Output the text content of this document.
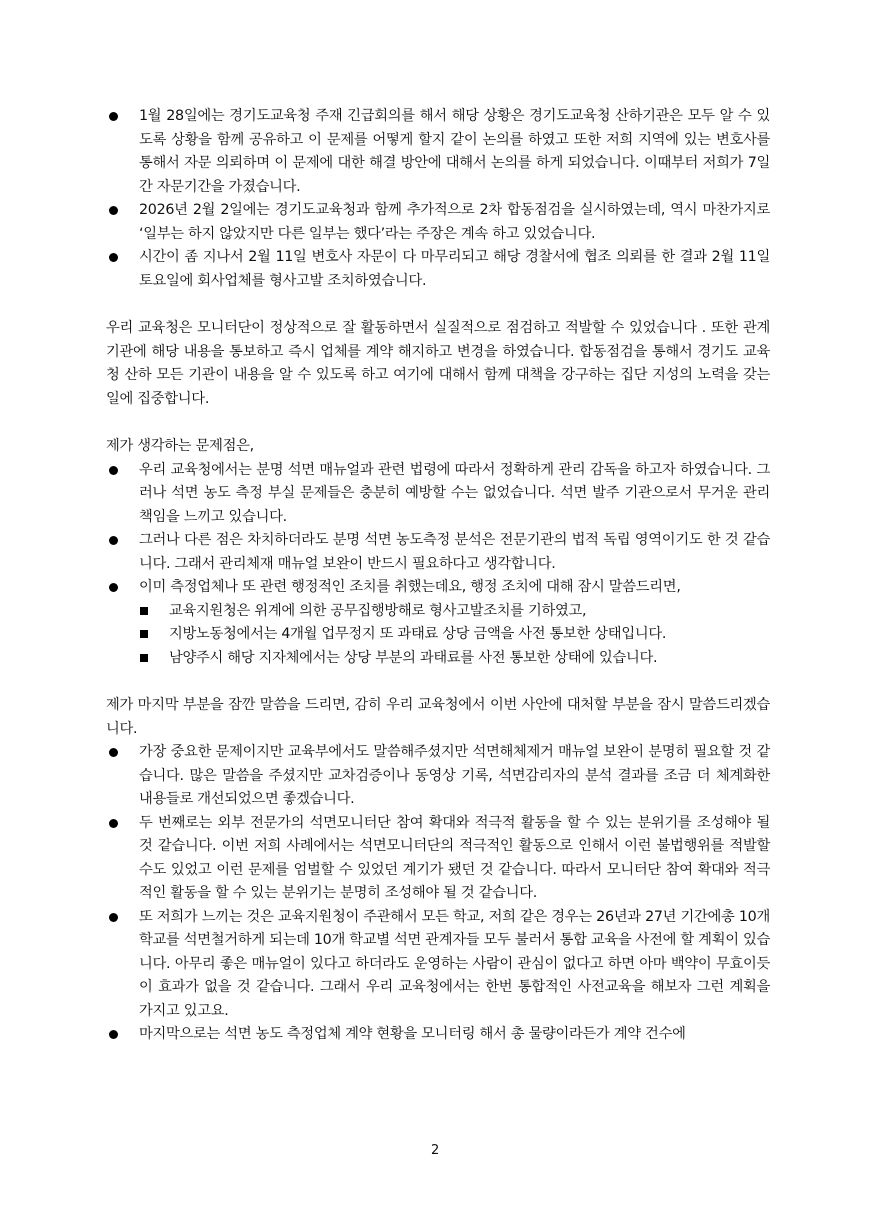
1월 28일에는 경기도교육청 주재 긴급회의를 해서 해당 상황은 경기도교육청 산하기관은 모두 알 수 있도록 상황을 함께 공유하고 이 문제를 어떻게 할지 같이 논의를 하였고 또한 저희 지역에 있는 변호사를 통해서 자문 의뢰하며 이 문제에 대한 해결 방안에 대해서 논의를 하게 되었습니다. 이때부터 저희가 7일간 자문기간을 가졌습니다.
2026년 2월 2일에는 경기도교육청과 함께 추가적으로 2차 합동점검을 실시하였는데, 역시 마찬가지로 ‘일부는 하지 않았지만 다른 일부는 했다’라는 주장은 계속 하고 있었습니다.
시간이 좀 지나서 2월 11일 변호사 자문이 다 마무리되고 해당 경찰서에 협조 의뢰를 한 결과 2월 11일 토요일에 회사업체를 형사고발 조치하였습니다.

우리 교육청은 모니터단이 정상적으로 잘 활동하면서 실질적으로 점검하고 적발할 수 있었습니다 . 또한 관계기관에 해당 내용을 통보하고 즉시 업체를 계약 해지하고 변경을 하였습니다. 합동점검을 통해서 경기도 교육청 산하 모든 기관이 내용을 알 수 있도록 하고 여기에 대해서 함께 대책을 강구하는 집단 지성의 노력을 갖는 일에 집중합니다.

제가 생각하는 문제점은,

우리 교육청에서는 분명 석면 매뉴얼과 관련 법령에 따라서 정확하게 관리 감독을 하고자 하였습니다. 그러나 석면 농도 측정 부실 문제들은 충분히 예방할 수는 없었습니다. 석면 발주 기관으로서 무거운 관리 책임을 느끼고 있습니다.
그러나 다른 점은 차치하더라도 분명 석면 농도측정 분석은 전문기관의 법적 독립 영역이기도 한 것 같습니다. 그래서 관리체재 매뉴얼 보완이 반드시 필요하다고 생각합니다.
이미 측정업체나 또 관련 행정적인 조치를 취했는데요, 행정 조치에 대해 잠시 말씀드리면,
교육지원청은 위계에 의한 공무집행방해로 형사고발조치를 기하였고,
지방노동청에서는 4개월 업무정지 또 과태료 상당 금액을 사전 통보한 상태입니다.
남양주시 해당 지자체에서는 상당 부분의 과태료를 사전 통보한 상태에 있습니다.

제가 마지막 부분을 잠깐 말씀을 드리면, 감히 우리 교육청에서 이번 사안에 대처할 부분을 잠시 말씀드리겠습니다.

가장 중요한 문제이지만 교육부에서도 말씀해주셨지만 석면해체제거 매뉴얼 보완이 분명히 필요할 것 같습니다. 많은 말씀을 주셨지만 교차검증이나 동영상 기록, 석면감리자의 분석 결과를 조금 더 체계화한 내용들로 개선되었으면 좋겠습니다.
두 번째로는 외부 전문가의 석면모니터단 참여 확대와 적극적 활동을 할 수 있는 분위기를 조성해야 될 것 같습니다. 이번 저희 사례에서는 석면모니터단의 적극적인 활동으로 인해서 이런 불법행위를 적발할 수도 있었고 이런 문제를 엄벌할 수 있었던 계기가 됐던 것 같습니다. 따라서 모니터단 참여 확대와 적극적인 활동을 할 수 있는 분위기는 분명히 조성해야 될 것 같습니다.
또 저희가 느끼는 것은 교육지원청이 주관해서 모든 학교, 저희 같은 경우는 26년과 27년 기간에총 10개 학교를 석면철거하게 되는데 10개 학교별 석면 관계자들 모두 불러서 통합 교육을 사전에 할 계획이 있습니다. 아무리 좋은 매뉴얼이 있다고 하더라도 운영하는 사람이 관심이 없다고 하면 아마 백약이 무효이듯이 효과가 없을 것 같습니다. 그래서 우리 교육청에서는 한번 통합적인 사전교육을 해보자 그런 계획을 가지고 있고요.
마지막으로는 석면 농도 측정업체 계약 현황을 모니터링 해서 총 물량이라든가 계약 건수에
2
